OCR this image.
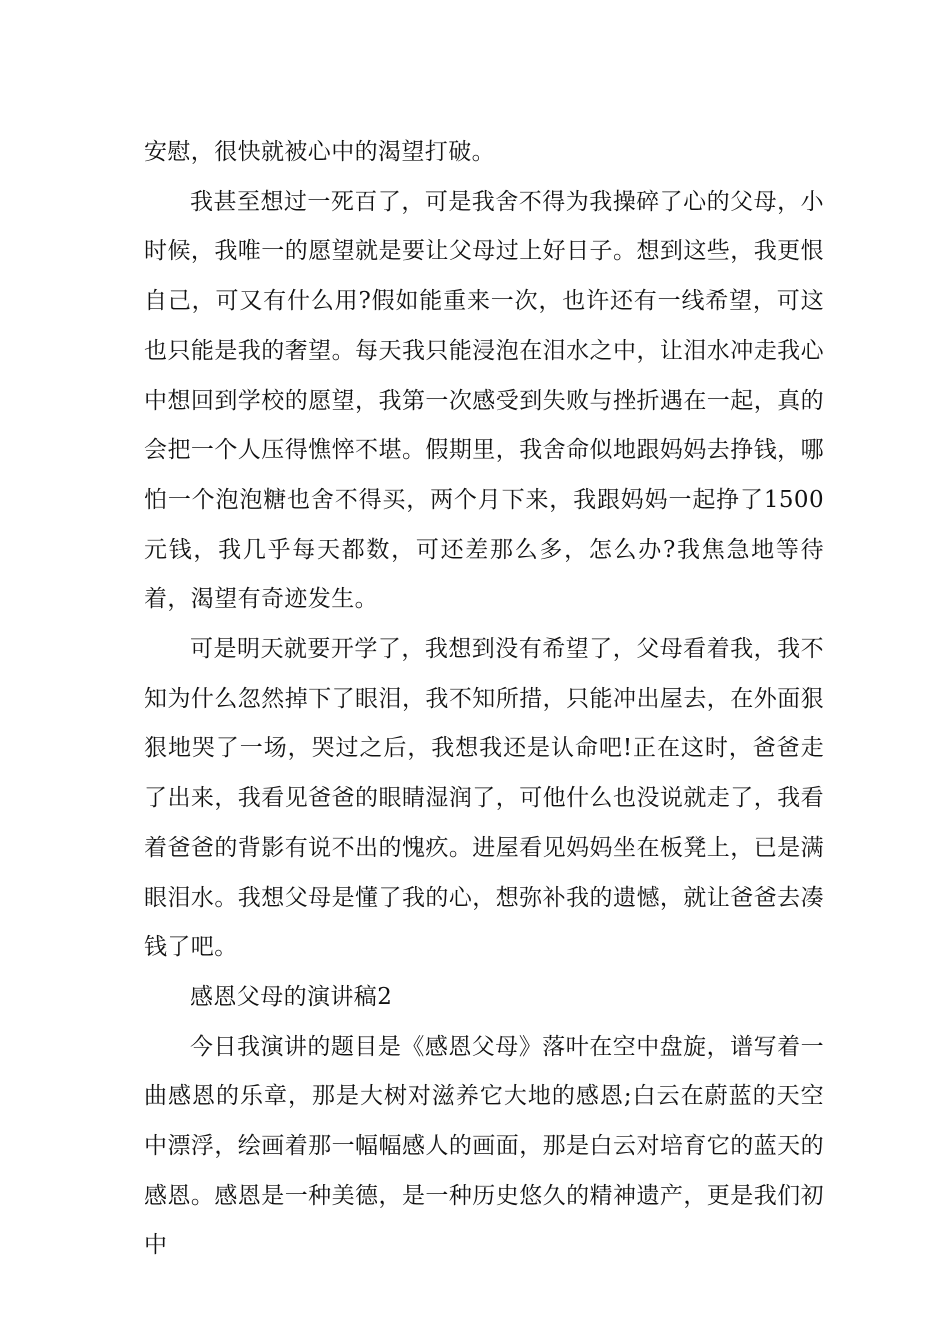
安慰，很快就被心中的渴望打破。

我甚至想过一死百了，可是我舍不得为我操碎了心的父母，小时候，我唯一的愿望就是要让父母过上好日子。想到这些，我更恨自己，可又有什么用?假如能重来一次，也许还有一线希望，可这也只能是我的奢望。每天我只能浸泡在泪水之中，让泪水冲走我心中想回到学校的愿望，我第一次感受到失败与挫折遇在一起，真的会把一个人压得憔悴不堪。假期里，我舍命似地跟妈妈去挣钱，哪怕一个泡泡糖也舍不得买，两个月下来，我跟妈妈一起挣了1500元钱，我几乎每天都数，可还差那么多，怎么办?我焦急地等待着，渴望有奇迹发生。

可是明天就要开学了，我想到没有希望了，父母看着我，我不知为什么忽然掉下了眼泪，我不知所措，只能冲出屋去，在外面狠狠地哭了一场，哭过之后，我想我还是认命吧!正在这时，爸爸走了出来，我看见爸爸的眼睛湿润了，可他什么也没说就走了，我看着爸爸的背影有说不出的愧疚。进屋看见妈妈坐在板凳上，已是满眼泪水。我想父母是懂了我的心，想弥补我的遗憾，就让爸爸去凑钱了吧。

感恩父母的演讲稿2

今日我演讲的题目是《感恩父母》落叶在空中盘旋，谱写着一曲感恩的乐章，那是大树对滋养它大地的感恩;白云在蔚蓝的天空中漂浮，绘画着那一幅幅感人的画面，那是白云对培育它的蓝天的感恩。感恩是一种美德，是一种历史悠久的精神遗产，更是我们初中
